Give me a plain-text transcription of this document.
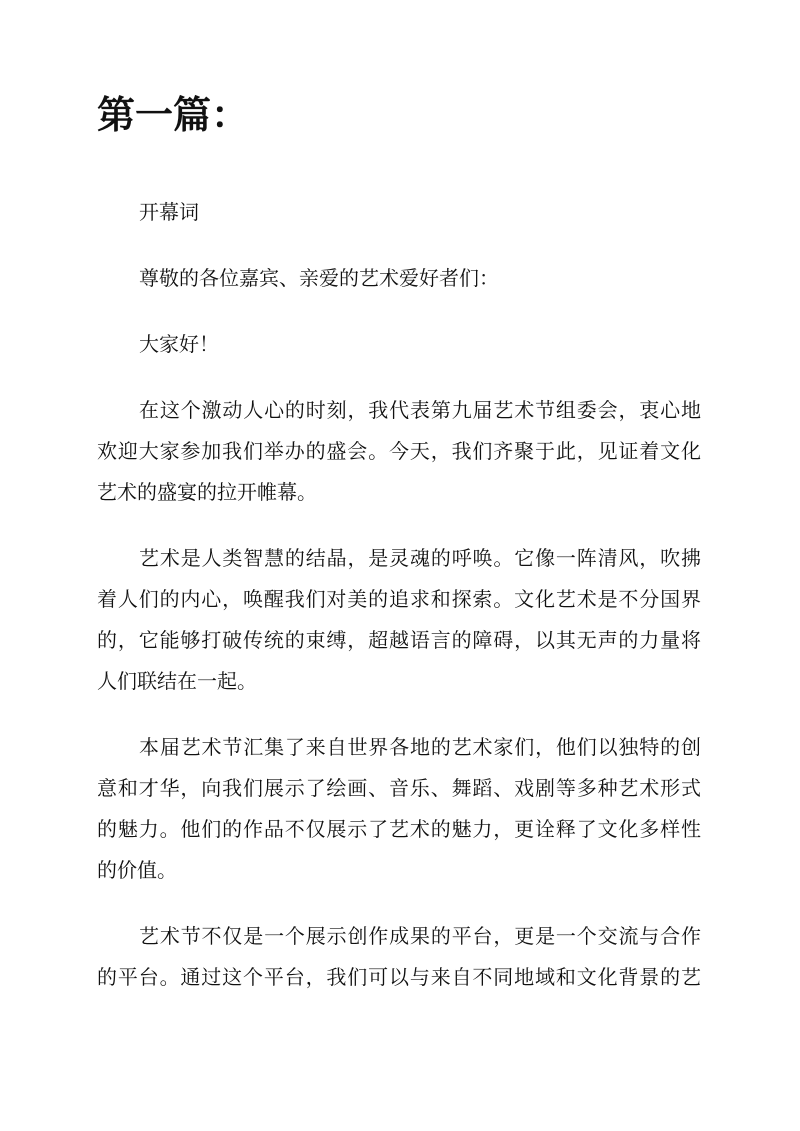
第一篇：

开幕词

尊敬的各位嘉宾、亲爱的艺术爱好者们：

大家好！

在这个激动人心的时刻，我代表第九届艺术节组委会，衷心地
欢迎大家参加我们举办的盛会。今天，我们齐聚于此，见证着文化
艺术的盛宴的拉开帷幕。

艺术是人类智慧的结晶，是灵魂的呼唤。它像一阵清风，吹拂
着人们的内心，唤醒我们对美的追求和探索。文化艺术是不分国界
的，它能够打破传统的束缚，超越语言的障碍，以其无声的力量将
人们联结在一起。

本届艺术节汇集了来自世界各地的艺术家们，他们以独特的创
意和才华，向我们展示了绘画、音乐、舞蹈、戏剧等多种艺术形式
的魅力。他们的作品不仅展示了艺术的魅力，更诠释了文化多样性
的价值。

艺术节不仅是一个展示创作成果的平台，更是一个交流与合作
的平台。通过这个平台，我们可以与来自不同地域和文化背景的艺
